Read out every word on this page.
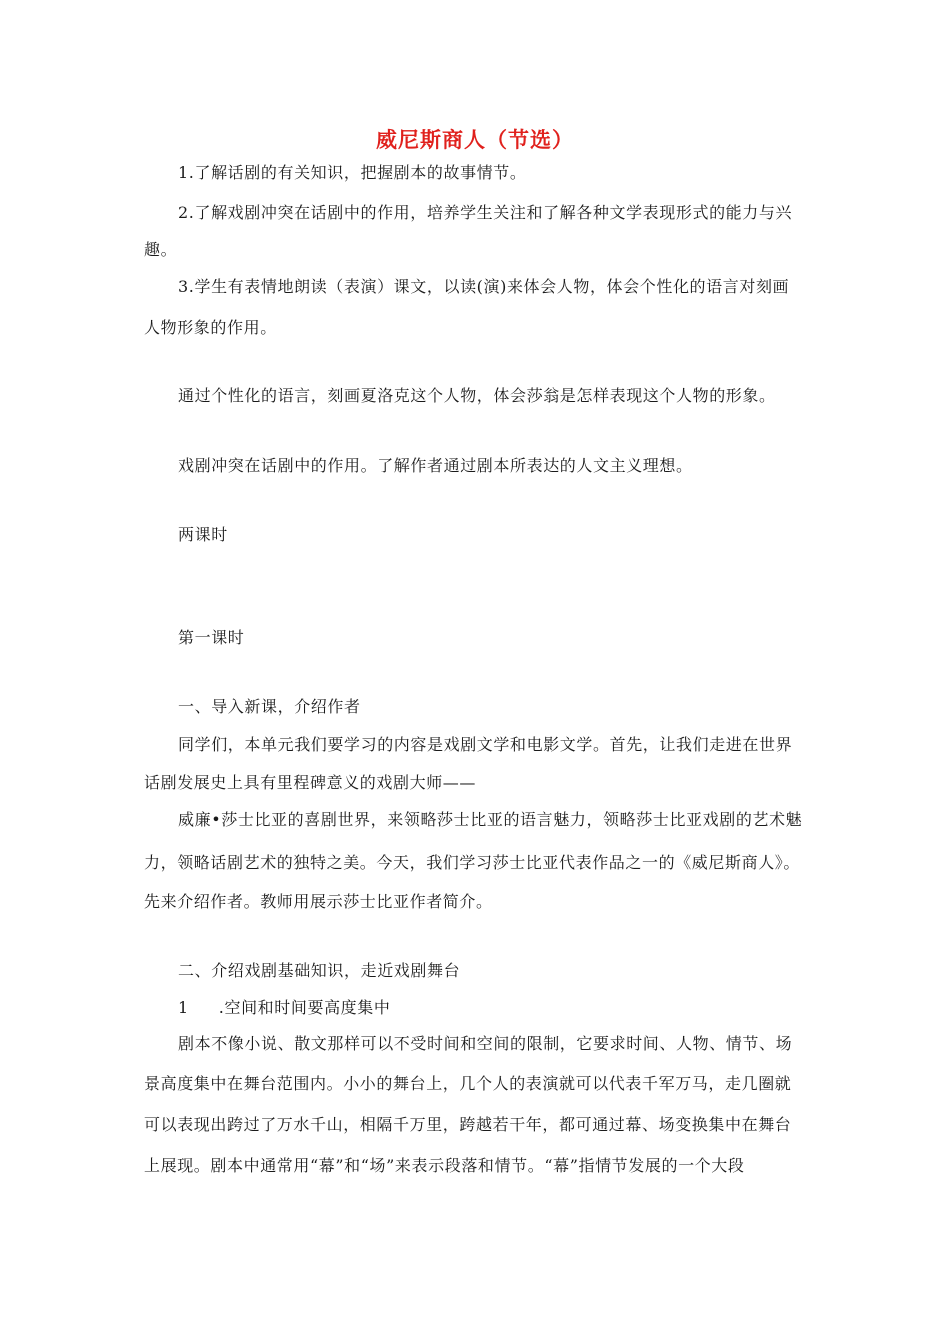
威尼斯商人（节选）
1.了解话剧的有关知识，把握剧本的故事情节。
2.了解戏剧冲突在话剧中的作用，培养学生关注和了解各种文学表现形式的能力与兴
趣。
3.学生有表情地朗读（表演）课文，以读(演)来体会人物，体会个性化的语言对刻画
人物形象的作用。
通过个性化的语言，刻画夏洛克这个人物，体会莎翁是怎样表现这个人物的形象。
戏剧冲突在话剧中的作用。了解作者通过剧本所表达的人文主义理想。
两课时
第一课时
一、导入新课，介绍作者
同学们，本单元我们要学习的内容是戏剧文学和电影文学。首先，让我们走进在世界
话剧发展史上具有里程碑意义的戏剧大师——
威廉•莎士比亚的喜剧世界，来领略莎士比亚的语言魅力，领略莎士比亚戏剧的艺术魅
力，领略话剧艺术的独特之美。今天，我们学习莎士比亚代表作品之一的《威尼斯商人》。
先来介绍作者。教师用展示莎士比亚作者简介。
二、介绍戏剧基础知识，走近戏剧舞台
1 .空间和时间要高度集中
剧本不像小说、散文那样可以不受时间和空间的限制，它要求时间、人物、情节、场
景高度集中在舞台范围内。小小的舞台上，几个人的表演就可以代表千军万马，走几圈就
可以表现出跨过了万水千山，相隔千万里，跨越若干年，都可通过幕、场变换集中在舞台
上展现。剧本中通常用“幕”和“场”来表示段落和情节。“幕”指情节发展的一个大段
